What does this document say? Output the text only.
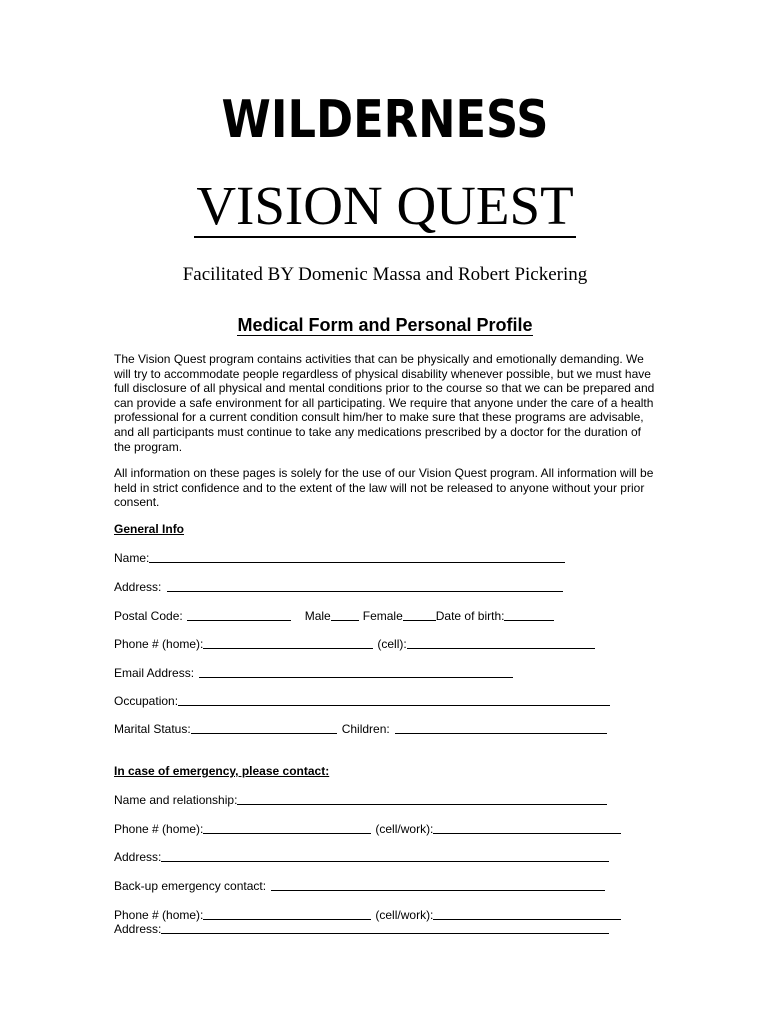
WILDERNESS
VISION QUEST
Facilitated BY Domenic Massa and Robert Pickering
Medical Form and Personal Profile
The Vision Quest program contains activities that can be physically and emotionally demanding. We will try to accommodate people regardless of physical disability whenever possible, but we must have full disclosure of all physical and mental conditions prior to the course so that we can be prepared and can provide a safe environment for all participating. We require that anyone under the care of a health professional for a current condition consult him/her to make sure that these programs are advisable, and all participants must continue to take any medications prescribed by a doctor for the duration of the program.
All information on these pages is solely for the use of our Vision Quest program. All information will be held in strict confidence and to the extent of the law will not be released to anyone without your prior consent.
General Info
Name:
Address:
Postal Code:	Male	Female	Date of birth:
Phone # (home):	(cell):
Email Address:
Occupation:
Marital Status:	Children:
In case of emergency, please contact:
Name and relationship:
Phone # (home):	(cell/work):
Address:
Back-up emergency contact:
Phone # (home):	(cell/work):
Address:
